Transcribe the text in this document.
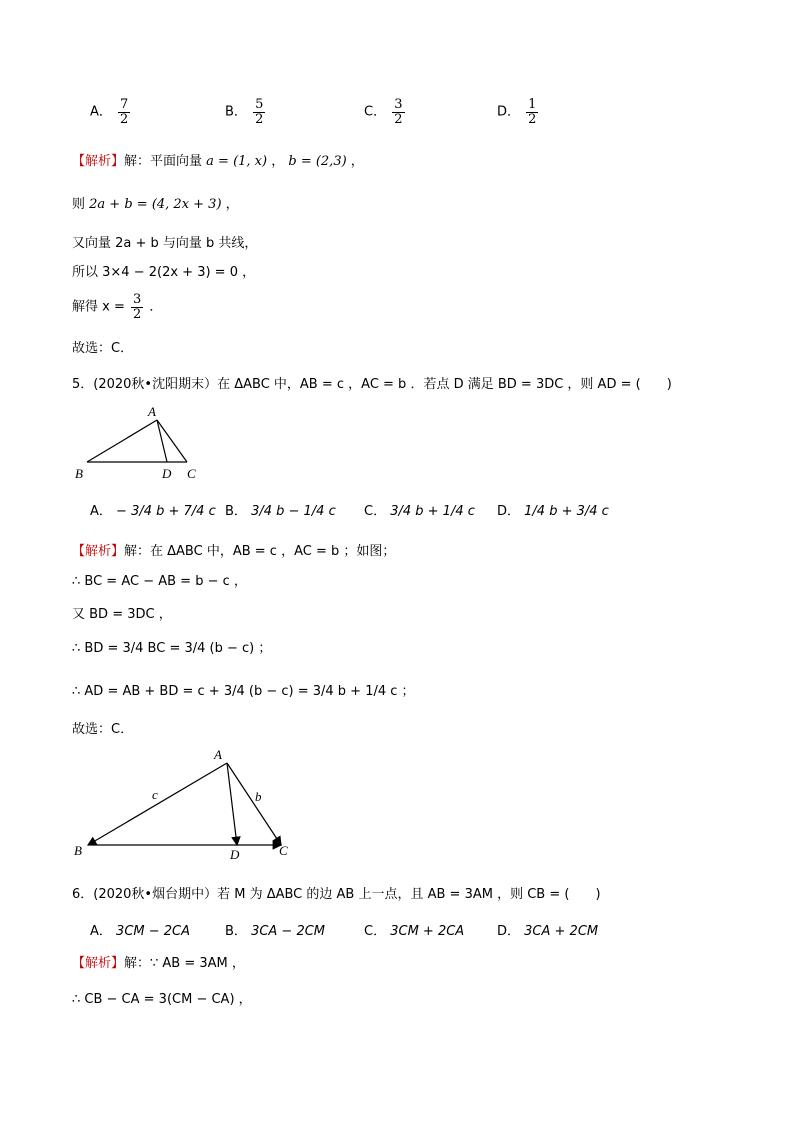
A． $\frac{7}{2}$	B． $\frac{5}{2}$	C． $\frac{3}{2}$	D． $\frac{1}{2}$
【解析】解：平面向量 a = (1, x) ， b = (2,3) ，
则 2a + b = (4, 2x + 3) ，
又向量 2a + b 与向量 b 共线，
所以 3×4 − 2(2x + 3) = 0 ，
解得 $x = \frac{3}{2}$ ．
故选：C．
5．(2020秋•沈阳期末）在 ΔABC 中，AB = c ，AC = b ．若点 D 满足 BD = 3DC ，则 AD = (　　)
A
B	D C
A． − 3/4 b + 7/4 c B． 3/4 b − 1/4 c C． 3/4 b + 1/4 c D． 1/4 b + 3/4 c
【解析】解：在 ΔABC 中，AB = c ，AC = b ；如图；
∴ BC = AC − AB = b − c ，
又 BD = 3DC ，
∴ BD = 3/4 BC = 3/4 (b − c) ；
∴ AD = AB + BD = c + 3/4 (b − c) = 3/4 b + 1/4 c ；
故选：C．
A
B	D	C
c	b
6．(2020秋•烟台期中）若 M 为 ΔABC 的边 AB 上一点，且 AB = 3AM ，则 CB = (　　)
A． 3CM − 2CA	B． 3CA − 2CM	C． 3CM + 2CA	D． 3CA + 2CM
【解析】解：∵ AB = 3AM ，
∴ CB − CA = 3(CM − CA) ，
